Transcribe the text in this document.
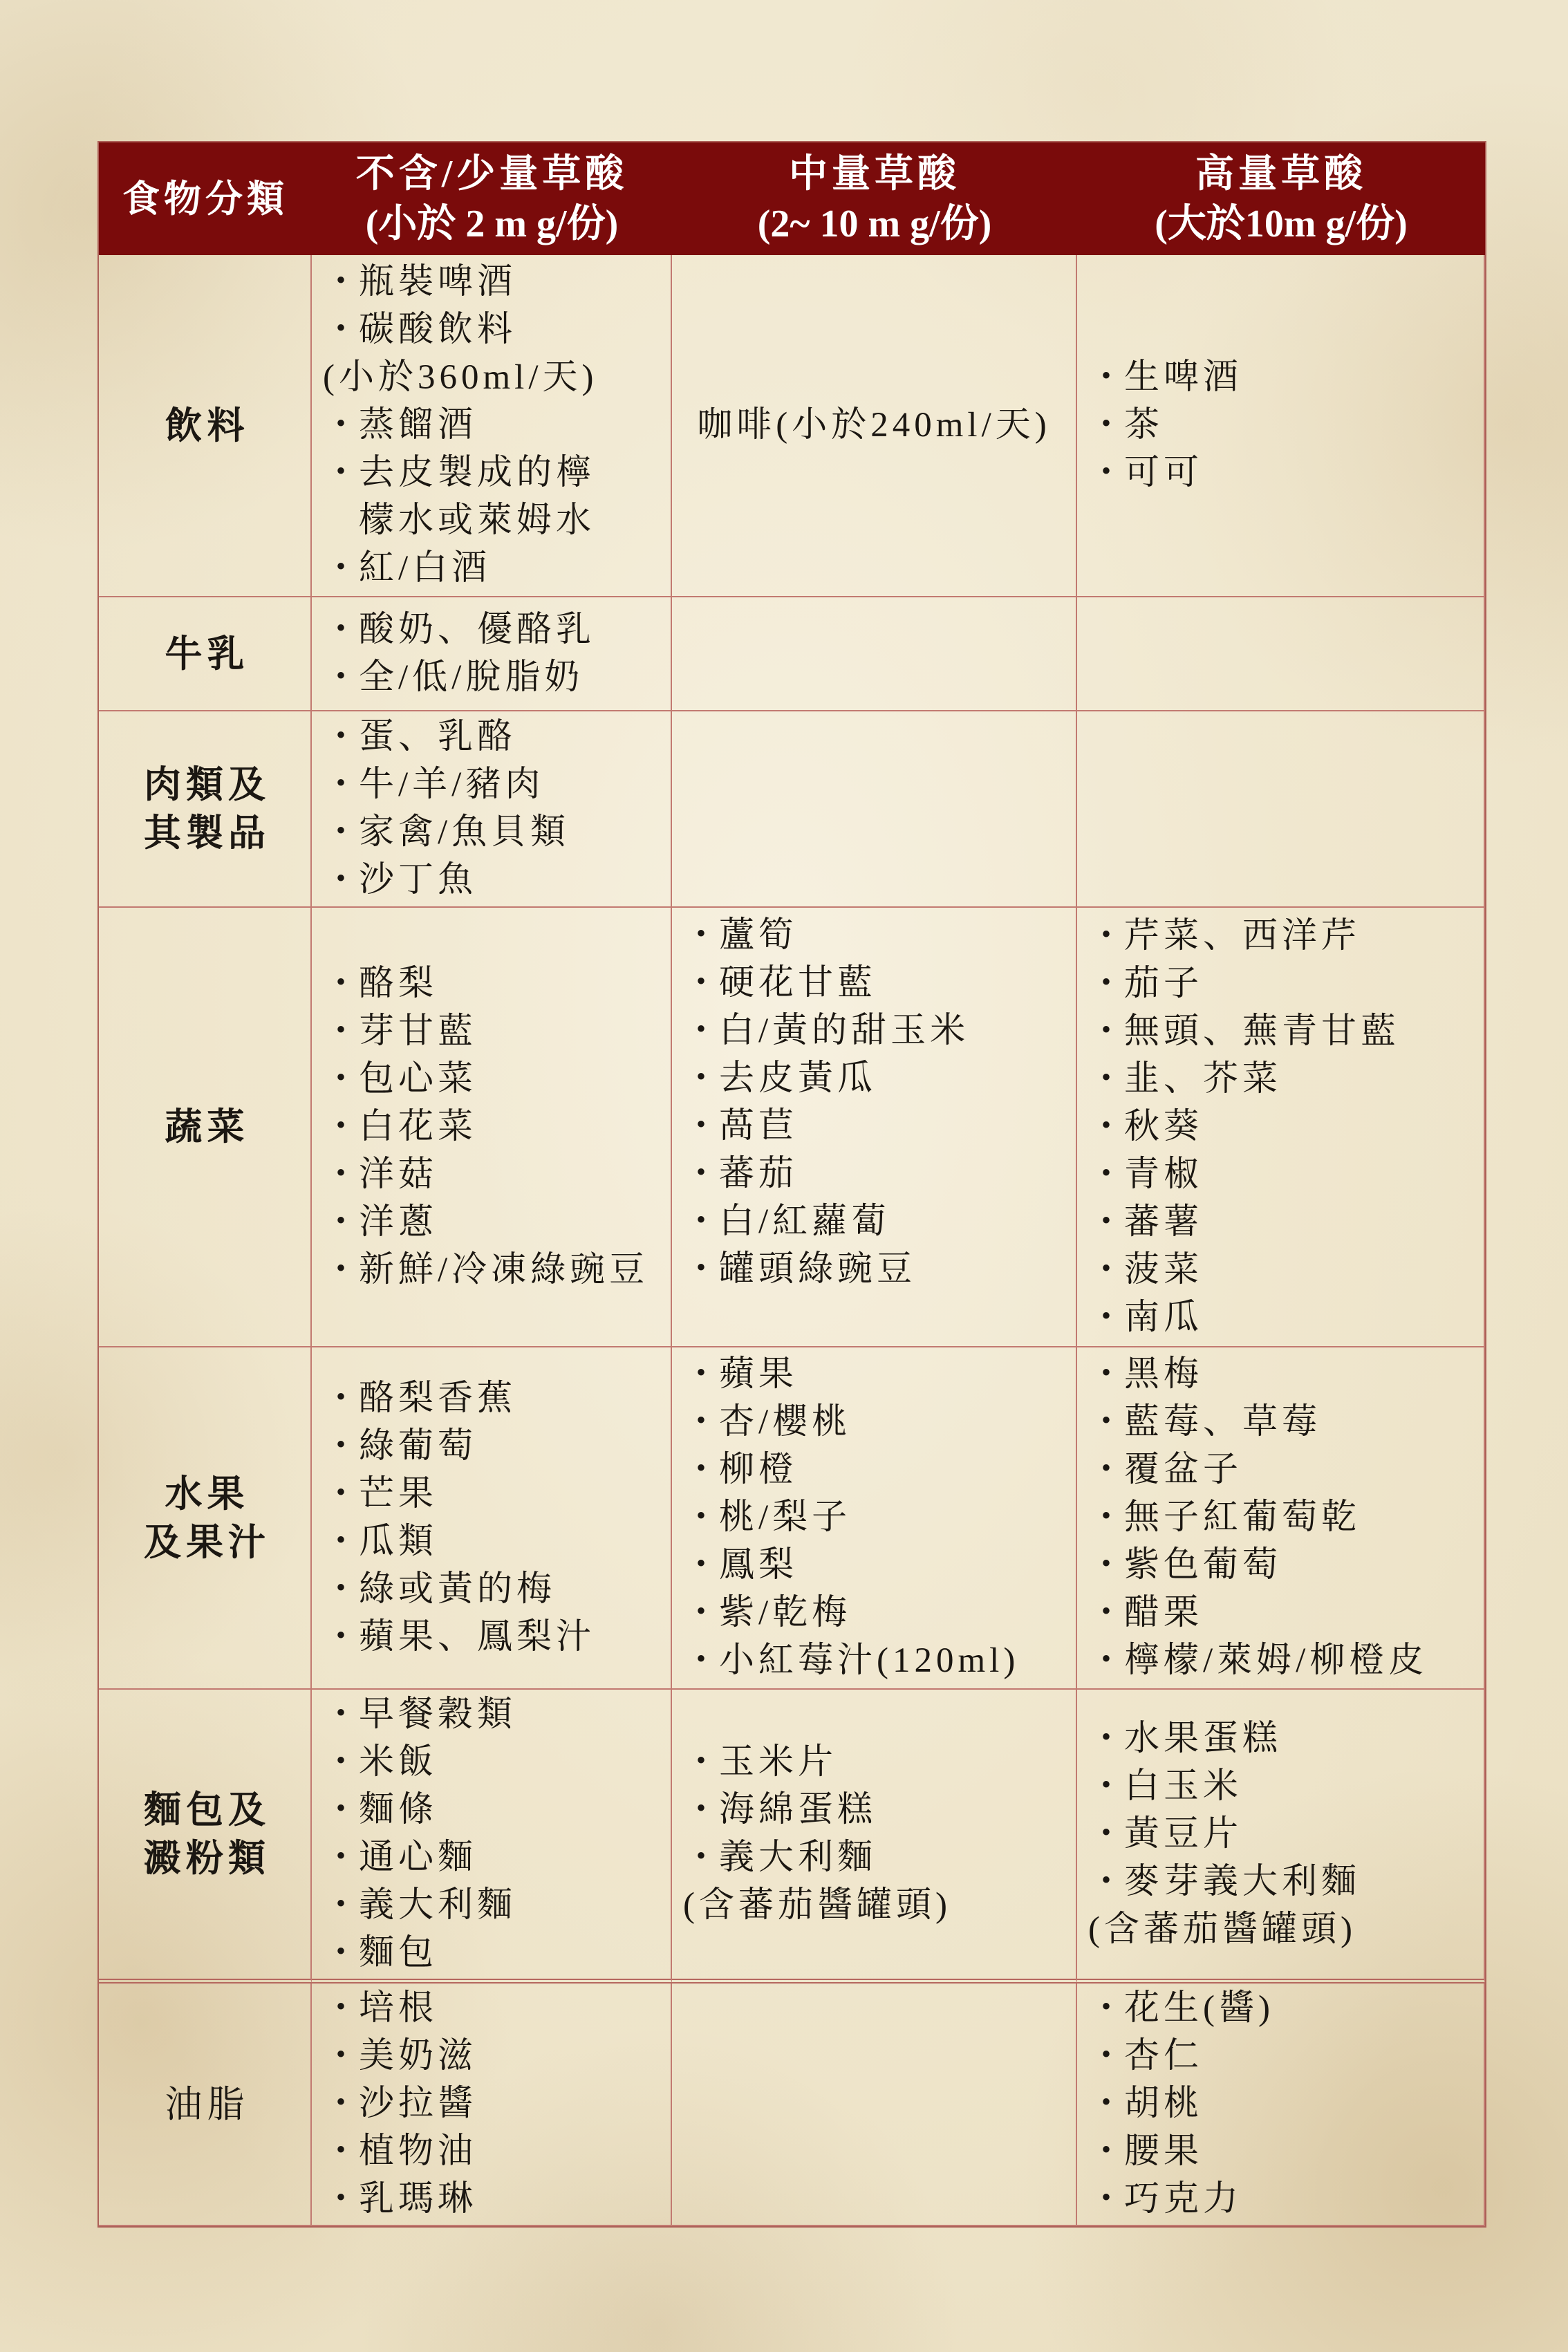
食物分類
不含/少量草酸
(小於 2 m g/份)
中量草酸
(2~ 10 m g/份)
高量草酸
(大於10m g/份)
飲料
・ 瓶裝啤酒
・ 碳酸飲料
(小於360ml/天)
・ 蒸餾酒
・ 去皮製成的檸
檬水或萊姆水
・ 紅/白酒
咖啡(小於240ml/天)
・ 生啤酒
・ 茶
・ 可可
牛乳
・ 酸奶、優酪乳
・ 全/低/脫脂奶
肉類及
其製品
・ 蛋、乳酪
・ 牛/羊/豬肉
・ 家禽/魚貝類
・ 沙丁魚
蔬菜
・ 酪梨
・ 芽甘藍
・ 包心菜
・ 白花菜
・ 洋菇
・ 洋蔥
・ 新鮮/冷凍綠豌豆
・ 蘆筍
・ 硬花甘藍
・ 白/黃的甜玉米
・ 去皮黃瓜
・ 萵苣
・ 蕃茄
・ 白/紅蘿蔔
・ 罐頭綠豌豆
・ 芹菜、西洋芹
・ 茄子
・ 無頭、蕪青甘藍
・ 韭、芥菜
・ 秋葵
・ 青椒
・ 蕃薯
・ 菠菜
・ 南瓜
水果
及果汁
・ 酪梨香蕉
・ 綠葡萄
・ 芒果
・ 瓜類
・ 綠或黃的梅
・ 蘋果、鳳梨汁
・ 蘋果
・ 杏/櫻桃
・ 柳橙
・ 桃/梨子
・ 鳳梨
・ 紫/乾梅
・ 小紅莓汁(120ml)
・ 黑梅
・ 藍莓、草莓
・ 覆盆子
・ 無子紅葡萄乾
・ 紫色葡萄
・ 醋栗
・ 檸檬/萊姆/柳橙皮
麵包及
澱粉類
・ 早餐穀類
・ 米飯
・ 麵條
・ 通心麵
・ 義大利麵
・ 麵包
・ 玉米片
・ 海綿蛋糕
・ 義大利麵
(含蕃茄醬罐頭)
・ 水果蛋糕
・ 白玉米
・ 黃豆片
・ 麥芽義大利麵
(含蕃茄醬罐頭)
油脂
・ 培根
・ 美奶滋
・ 沙拉醬
・ 植物油
・ 乳瑪琳
・ 花生(醬)
・ 杏仁
・ 胡桃
・ 腰果
・ 巧克力
